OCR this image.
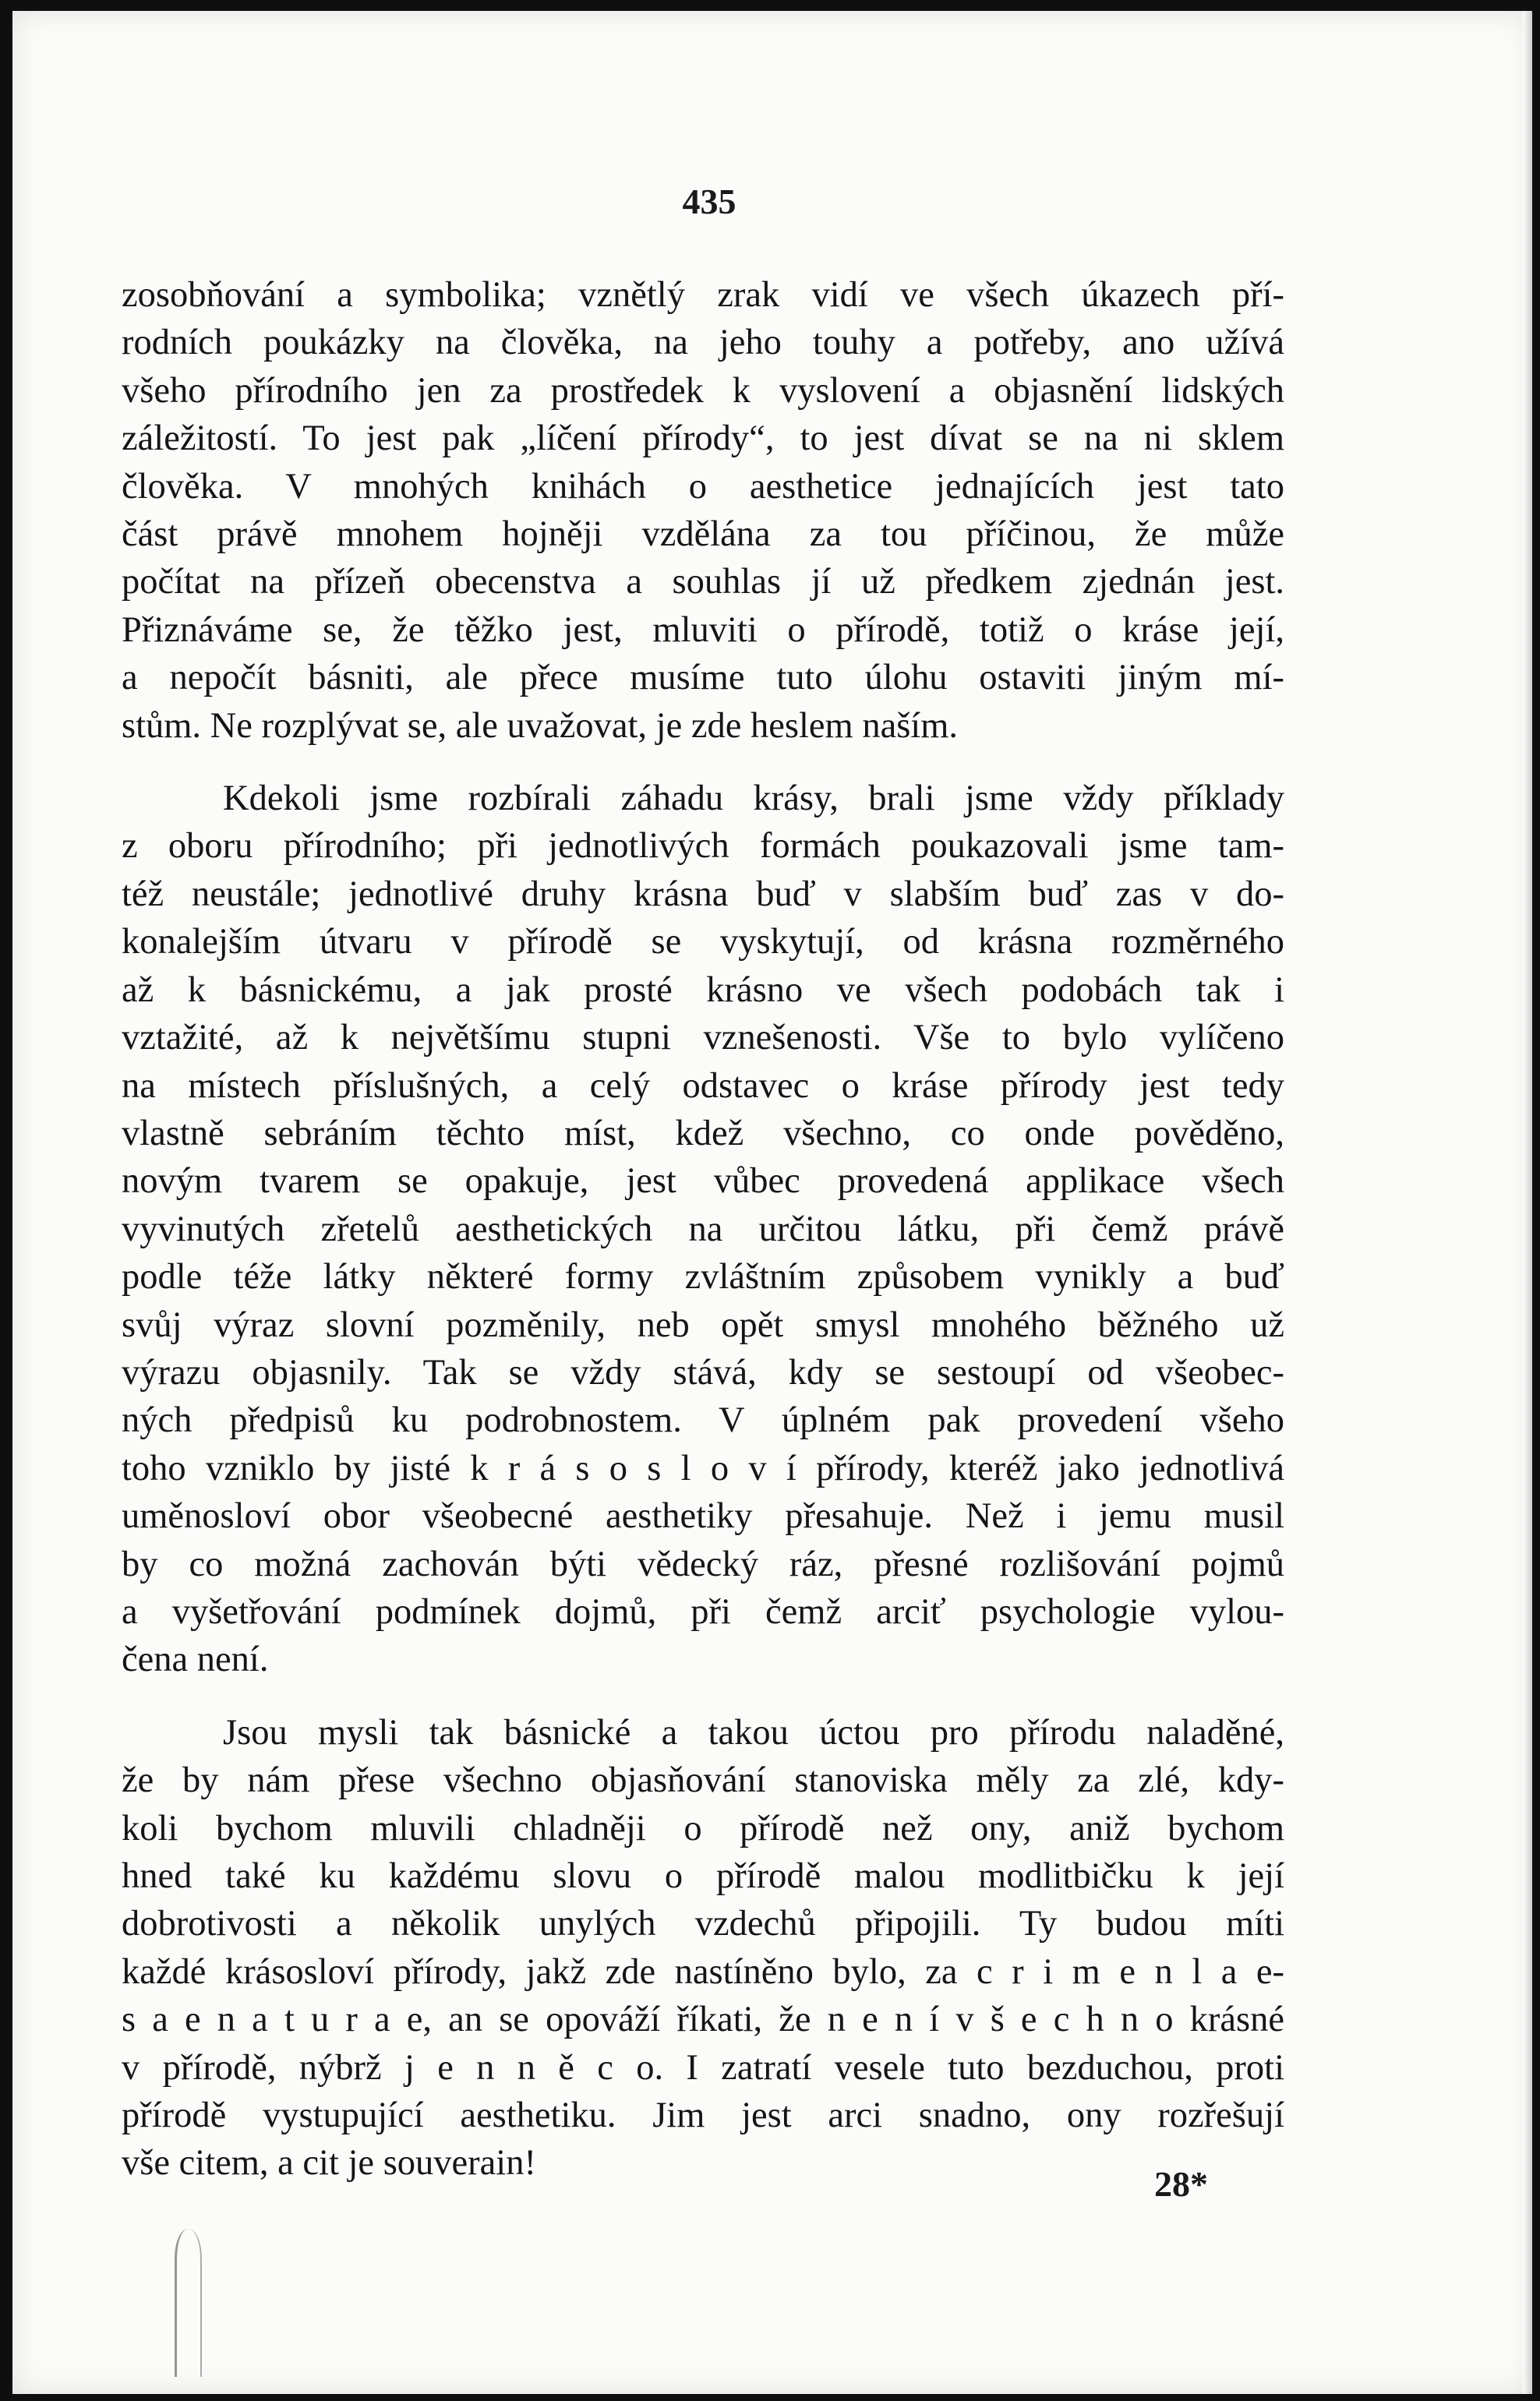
435

zosobňování a symbolika; vznětlý zrak vidí ve všech úkazech pří-
rodních poukázky na člověka, na jeho touhy a potřeby, ano užívá
všeho přírodního jen za prostředek k vyslovení a objasnění lidských
záležitostí. To jest pak „líčení přírody“, to jest dívat se na ni sklem
člověka. V mnohých knihách o aesthetice jednajících jest tato
část právě mnohem hojněji vzdělána za tou příčinou, že může
počítat na přízeň obecenstva a souhlas jí už předkem zjednán jest.
Přiznáváme se, že těžko jest, mluviti o přírodě, totiž o kráse její,
a nepočít básniti, ale přece musíme tuto úlohu ostaviti jiným mí-
stům. Ne rozplývat se, ale uvažovat, je zde heslem naším.

Kdekoli jsme rozbírali záhadu krásy, brali jsme vždy příklady
z oboru přírodního; při jednotlivých formách poukazovali jsme tam-
též neustále; jednotlivé druhy krásna buď v slabším buď zas v do-
konalejším útvaru v přírodě se vyskytují, od krásna rozměrného
až k básnickému, a jak prosté krásno ve všech podobách tak i
vztažité, až k největšímu stupni vznešenosti. Vše to bylo vylíčeno
na místech příslušných, a celý odstavec o kráse přírody jest tedy
vlastně sebráním těchto míst, kdež všechno, co onde pověděno,
novým tvarem se opakuje, jest vůbec provedená applikace všech
vyvinutých zřetelů aesthetických na určitou látku, při čemž právě
podle téže látky některé formy zvláštním způsobem vynikly a buď
svůj výraz slovní pozměnily, neb opět smysl mnohého běžného už
výrazu objasnily. Tak se vždy stává, kdy se sestoupí od všeobec-
ných předpisů ku podrobnostem. V úplném pak provedení všeho
toho vzniklo by jisté k r á s o s l o v í přírody, kteréž jako jednotlivá
uměnosloví obor všeobecné aesthetiky přesahuje. Než i jemu musil
by co možná zachován býti vědecký ráz, přesné rozlišování pojmů
a vyšetřování podmínek dojmů, při čemž arciť psychologie vylou-
čena není.

Jsou mysli tak básnické a takou úctou pro přírodu naladěné,
že by nám přese všechno objasňování stanoviska měly za zlé, kdy-
koli bychom mluvili chladněji o přírodě než ony, aniž bychom
hned také ku každému slovu o přírodě malou modlitbičku k její
dobrotivosti a několik unylých vzdechů připojili. Ty budou míti
každé krásosloví přírody, jakž zde nastíněno bylo, za c r i m e n l a e-
s a e n a t u r a e, an se opováží říkati, že n e n í v š e c h n o krásné
v přírodě, nýbrž j e n n ě c o. I zatratí vesele tuto bezduchou, proti
přírodě vystupující aesthetiku. Jim jest arci snadno, ony rozřešují
vše citem, a cit je souverain!

28*
